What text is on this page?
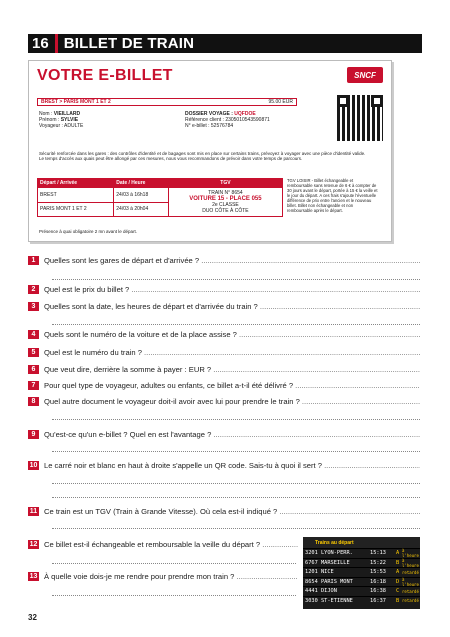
16	BILLET DE TRAIN
VOTRE E-BILLET	SNCF
BREST > PARIS MONT 1 ET 2	95.00 EUR
Nom : VIEILLARD
Prénom : SYLVIE
Voyageur : ADULTE
DOSSIER VOYAGE : UQFDOE
Référence client : 2305010543590871
N° e-billet : 52576784
Sécurité renforcée dans les gares : des contrôles d'identité et de bagages sont mis en place sur certains trains, prévoyez à voyager avec une pièce d'identité valide. Le temps d'accès aux quais peut être allongé par ces mesures, nous vous recommandons de prévoir dans votre temps de parcours.
Départ / Arrivée	Date / Heure	TGV
BREST	24/03 à 16h18	TRAIN N° 8654
VOITURE 15 - PLACE 055
2e CLASSE
DUO CÔTE À CÔTE

PARIS MONT 1 ET 2	24/03 à 20h04	
TGV LOISIR - Billet échangeable et remboursable sans retenue de 6 € à compter de 30 jours avant le départ, portée à 15 € la veille et le jour du départ. A ces frais s'ajoute l'éventuelle différence de prix entre l'ancien et le nouveau billet. Billet non échangeable et non remboursable après le départ.
Présence à quai obligatoire 2 mn avant le départ.
1	Quelles sont les gares de départ et d'arrivée ? .....
2	Quel est le prix du billet ? .....
3	Quelles sont la date, les heures de départ et d'arrivée du train ? .....
4	Quels sont le numéro de la voiture et de la place assise ? .....
5	Quel est le numéro du train ? .....
6	Que veut dire, derrière la somme à payer : EUR ? .....
7	Pour quel type de voyageur, adultes ou enfants, ce billet a-t-il été délivré ? .....
8	Quel autre document le voyageur doit-il avoir avec lui pour prendre le train ? .....
9	Qu'est-ce qu'un e-billet ? Quel en est l'avantage ? .....
10 Le carré noir et blanc en haut à droite s'appelle un QR code. Sais-tu à quoi il sert ? .....
11 Ce train est un TGV (Train à Grande Vitesse). Où cela est-il indiqué ? .....
12 Ce billet est-il échangeable et remboursable la veille du départ ? .....
13 À quelle voie dois-je me rendre pour prendre mon train ? .....
Trains au départ
3201 LYON-PERR.	15:13	A à l'heure
6767 MARSEILLE	15:22	B à l'heure
1201 NICE	15:53	A retardé
8654 PARIS MONT	16:18	D à l'heure
4441 DIJON	16:38	C retardé
3030 ST-ETIENNE	16:37	B retardé
32
